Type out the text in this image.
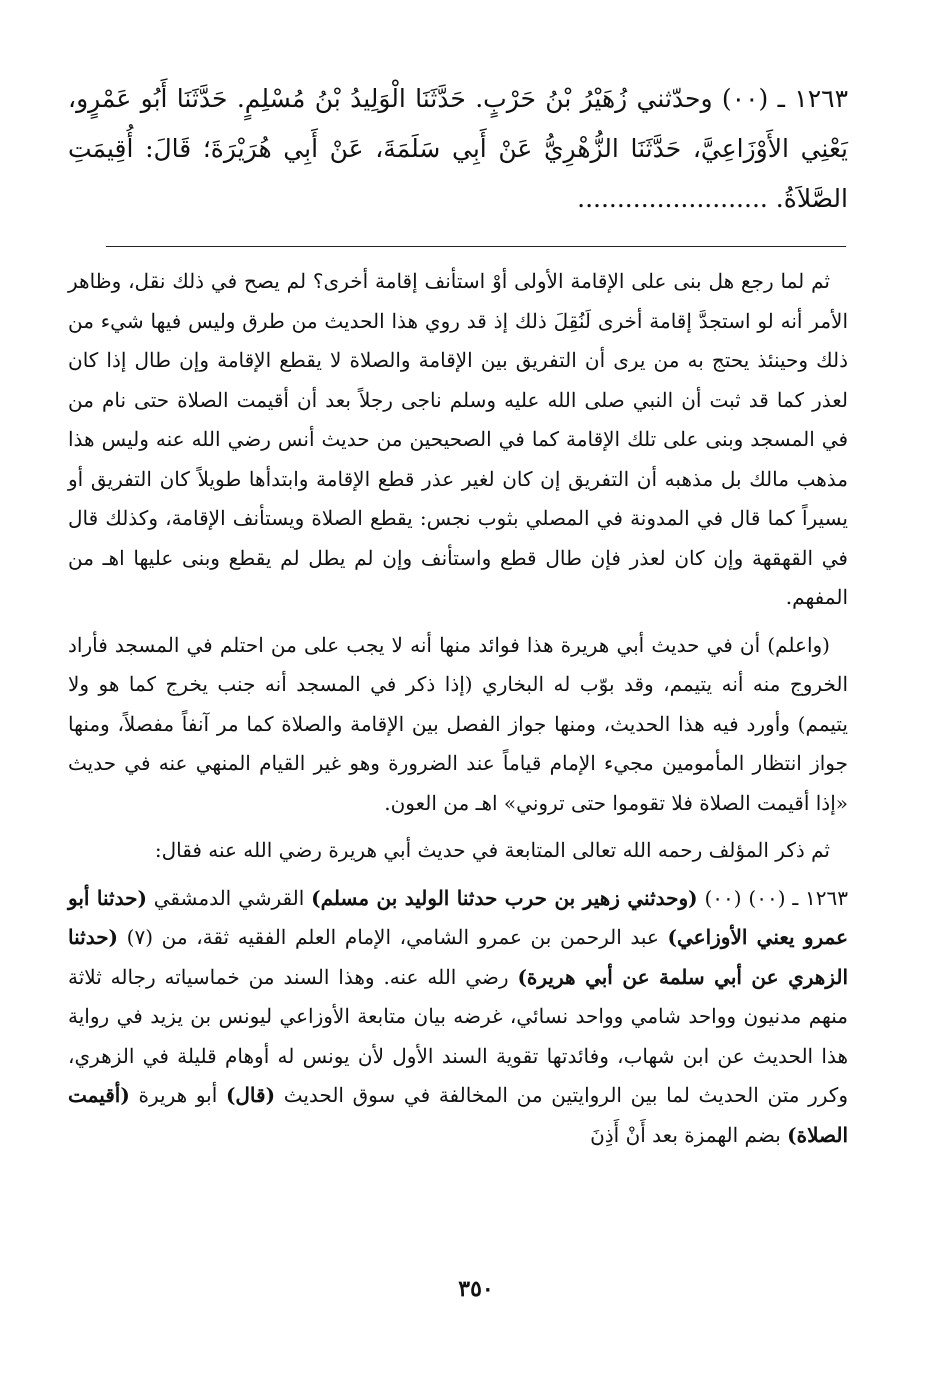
١٢٦٣ ـ (٠٠) وحدّثني زُهَيْرُ بْنُ حَرْبٍ. حَدَّثَنَا الْوَلِيدُ بْنُ مُسْلِمٍ. حَدَّثَنَا أَبُو عَمْرٍو، يَعْنِي الأَوْزَاعِيَّ، حَدَّثَنَا الزُّهْرِيُّ عَنْ أَبِي سَلَمَةَ، عَنْ أَبِي هُرَيْرَةَ؛ قَالَ: أُقِيمَتِ الصَّلاَةُ. ........................

ثم لما رجع هل بنى على الإقامة الأولى أوْ استأنف إقامة أخرى؟ لم يصح في ذلك نقل، وظاهر الأمر أنه لو استجدَّ إقامة أخرى لَنُقِلَ ذلك إذ قد روي هذا الحديث من طرق وليس فيها شيء من ذلك وحينئذ يحتج به من يرى أن التفريق بين الإقامة والصلاة لا يقطع الإقامة وإن طال إذا كان لعذر كما قد ثبت أن النبي صلى الله عليه وسلم ناجى رجلاً بعد أن أقيمت الصلاة حتى نام من في المسجد وبنى على تلك الإقامة كما في الصحيحين من حديث أنس رضي الله عنه وليس هذا مذهب مالك بل مذهبه أن التفريق إن كان لغير عذر قطع الإقامة وابتدأها طويلاً كان التفريق أو يسيراً كما قال في المدونة في المصلي بثوب نجس: يقطع الصلاة ويستأنف الإقامة، وكذلك قال في القهقهة وإن كان لعذر فإن طال قطع واستأنف وإن لم يطل لم يقطع وبنى عليها اهـ من المفهم.

(واعلم) أن في حديث أبي هريرة هذا فوائد منها أنه لا يجب على من احتلم في المسجد فأراد الخروج منه أنه يتيمم، وقد بوّب له البخاري (إذا ذكر في المسجد أنه جنب يخرج كما هو ولا يتيمم) وأورد فيه هذا الحديث، ومنها جواز الفصل بين الإقامة والصلاة كما مر آنفاً مفصلاً، ومنها جواز انتظار المأمومين مجيء الإمام قياماً عند الضرورة وهو غير القيام المنهي عنه في حديث «إذا أقيمت الصلاة فلا تقوموا حتى تروني» اهـ من العون.

ثم ذكر المؤلف رحمه الله تعالى المتابعة في حديث أبي هريرة رضي الله عنه فقال:

١٢٦٣ ـ (٠٠) (٠٠) (وحدثني زهير بن حرب حدثنا الوليد بن مسلم) القرشي الدمشقي (حدثنا أبو عمرو يعني الأوزاعي) عبد الرحمن بن عمرو الشامي، الإمام العلم الفقيه ثقة، من (٧) (حدثنا الزهري عن أبي سلمة عن أبي هريرة) رضي الله عنه. وهذا السند من خماسياته رجاله ثلاثة منهم مدنيون وواحد شامي وواحد نسائي، غرضه بيان متابعة الأوزاعي ليونس بن يزيد في رواية هذا الحديث عن ابن شهاب، وفائدتها تقوية السند الأول لأن يونس له أوهام قليلة في الزهري، وكرر متن الحديث لما بين الروايتين من المخالفة في سوق الحديث (قال) أبو هريرة (أقيمت الصلاة) بضم الهمزة بعد أَنْ أَذِنَ

٣٥٠
